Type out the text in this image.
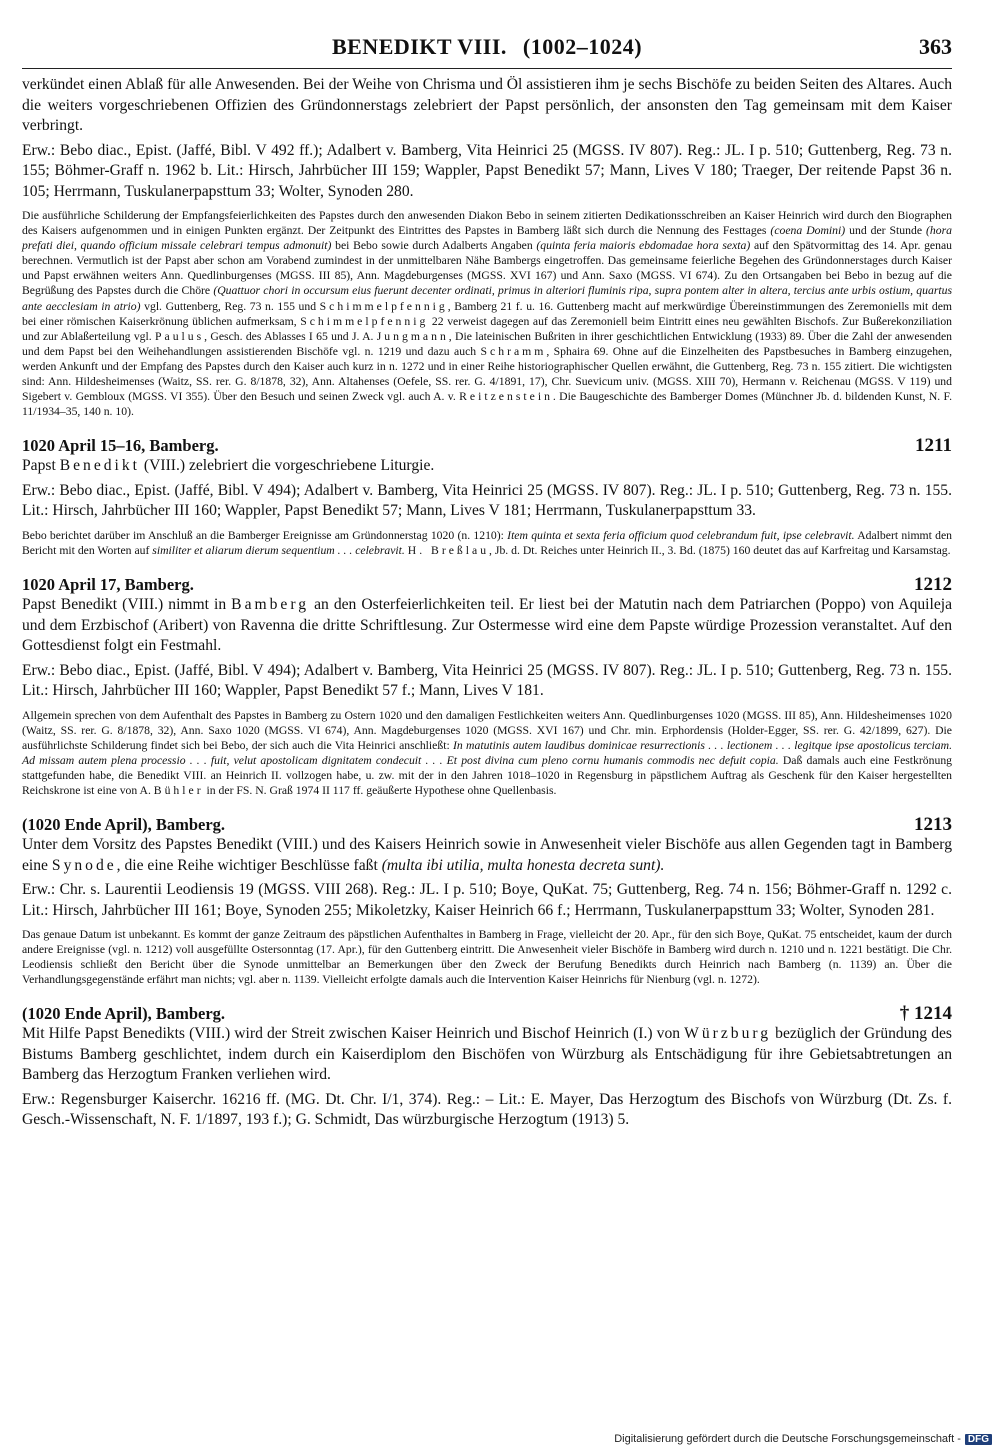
BENEDIKT VIII. (1002–1024)	363

verkündet einen Ablaß für alle Anwesenden. Bei der Weihe von Chrisma und Öl assistieren ihm je sechs Bischöfe zu beiden Seiten des Altares. Auch die weiters vorgeschriebenen Offizien des Gründonnerstags zelebriert der Papst persönlich, der ansonsten den Tag gemeinsam mit dem Kaiser verbringt.

Erw.: Bebo diac., Epist. (Jaffé, Bibl. V 492 ff.); Adalbert v. Bamberg, Vita Heinrici 25 (MGSS. IV 807). Reg.: JL. I p. 510; Guttenberg, Reg. 73 n. 155; Böhmer-Graff n. 1962 b. Lit.: Hirsch, Jahrbücher III 159; Wappler, Papst Benedikt 57; Mann, Lives V 180; Traeger, Der reitende Papst 36 n. 105; Herrmann, Tuskulanerpapsttum 33; Wolter, Synoden 280.

Die ausführliche Schilderung der Empfangsfeierlichkeiten des Papstes durch den anwesenden Diakon Bebo in seinem zitierten Dedikationsschreiben an Kaiser Heinrich wird durch den Biographen des Kaisers aufgenommen und in einigen Punkten ergänzt. Der Zeitpunkt des Eintrittes des Papstes in Bamberg läßt sich durch die Nennung des Festtages (coena Domini) und der Stunde (hora prefati diei, quando officium missale celebrari tempus admonuit) bei Bebo sowie durch Adalberts Angaben (quinta feria maioris ebdomadae hora sexta) auf den Spätvormittag des 14. Apr. genau berechnen. Vermutlich ist der Papst aber schon am Vorabend zumindest in der unmittelbaren Nähe Bambergs eingetroffen. Das gemeinsame feierliche Begehen des Gründonnerstages durch Kaiser und Papst erwähnen weiters Ann. Quedlinburgenses (MGSS. III 85), Ann. Magdeburgenses (MGSS. XVI 167) und Ann. Saxo (MGSS. VI 674). Zu den Ortsangaben bei Bebo in bezug auf die Begrüßung des Papstes durch die Chöre (Quattuor chori in occursum eius fuerunt decenter ordinati, primus in alteriori fluminis ripa, supra pontem alter in altera, tercius ante urbis ostium, quartus ante aecclesiam in atrio) vgl. Guttenberg, Reg. 73 n. 155 und Schimmelpfennig, Bamberg 21 f. u. 16. Guttenberg macht auf merkwürdige Übereinstimmungen des Zeremoniells mit dem bei einer römischen Kaiserkrönung üblichen aufmerksam, Schimmelpfennig 22 verweist dagegen auf das Zeremoniell beim Eintritt eines neu gewählten Bischofs. Zur Bußerekonziliation und zur Ablaßerteilung vgl. Paulus, Gesch. des Ablasses I 65 und J. A. Jungmann, Die lateinischen Bußriten in ihrer geschichtlichen Entwicklung (1933) 89. Über die Zahl der anwesenden und dem Papst bei den Weihehandlungen assistierenden Bischöfe vgl. n. 1219 und dazu auch Schramm, Sphaira 69. Ohne auf die Einzelheiten des Papstbesuches in Bamberg einzugehen, werden Ankunft und der Empfang des Papstes durch den Kaiser auch kurz in n. 1272 und in einer Reihe historiographischer Quellen erwähnt, die Guttenberg, Reg. 73 n. 155 zitiert. Die wichtigsten sind: Ann. Hildesheimenses (Waitz, SS. rer. G. 8/1878, 32), Ann. Altahenses (Oefele, SS. rer. G. 4/1891, 17), Chr. Suevicum univ. (MGSS. XIII 70), Hermann v. Reichenau (MGSS. V 119) und Sigebert v. Gembloux (MGSS. VI 355). Über den Besuch und seinen Zweck vgl. auch A. v. Reitzenstein. Die Baugeschichte des Bamberger Domes (Münchner Jb. d. bildenden Kunst, N. F. 11/1934–35, 140 n. 10).

1020 April 15–16, Bamberg.	1211

Papst Benedikt (VIII.) zelebriert die vorgeschriebene Liturgie.

Erw.: Bebo diac., Epist. (Jaffé, Bibl. V 494); Adalbert v. Bamberg, Vita Heinrici 25 (MGSS. IV 807). Reg.: JL. I p. 510; Guttenberg, Reg. 73 n. 155. Lit.: Hirsch, Jahrbücher III 160; Wappler, Papst Benedikt 57; Mann, Lives V 181; Herrmann, Tuskulanerpapsttum 33.

Bebo berichtet darüber im Anschluß an die Bamberger Ereignisse am Gründonnerstag 1020 (n. 1210): Item quinta et sexta feria officium quod celebrandum fuit, ipse celebravit. Adalbert nimmt den Bericht mit den Worten auf similiter et aliarum dierum sequentium . . . celebravit. H. Breßlau, Jb. d. Dt. Reiches unter Heinrich II., 3. Bd. (1875) 160 deutet das auf Karfreitag und Karsamstag.

1020 April 17, Bamberg.	1212

Papst Benedikt (VIII.) nimmt in Bamberg an den Osterfeierlichkeiten teil. Er liest bei der Matutin nach dem Patriarchen (Poppo) von Aquileja und dem Erzbischof (Aribert) von Ravenna die dritte Schriftlesung. Zur Ostermesse wird eine dem Papste würdige Prozession veranstaltet. Auf den Gottesdienst folgt ein Festmahl.

Erw.: Bebo diac., Epist. (Jaffé, Bibl. V 494); Adalbert v. Bamberg, Vita Heinrici 25 (MGSS. IV 807). Reg.: JL. I p. 510; Guttenberg, Reg. 73 n. 155. Lit.: Hirsch, Jahrbücher III 160; Wappler, Papst Benedikt 57 f.; Mann, Lives V 181.

Allgemein sprechen von dem Aufenthalt des Papstes in Bamberg zu Ostern 1020 und den damaligen Festlichkeiten weiters Ann. Quedlinburgenses 1020 (MGSS. III 85), Ann. Hildesheimenses 1020 (Waitz, SS. rer. G. 8/1878, 32), Ann. Saxo 1020 (MGSS. VI 674), Ann. Magdeburgenses 1020 (MGSS. XVI 167) und Chr. min. Erphordensis (Holder-Egger, SS. rer. G. 42/1899, 627). Die ausführlichste Schilderung findet sich bei Bebo, der sich auch die Vita Heinrici anschließt: In matutinis autem laudibus dominicae resurrectionis . . . lectionem . . . legitque ipse apostolicus terciam. Ad missam autem plena processio . . . fuit, velut apostolicam dignitatem condecuit . . . Et post divina cum pleno cornu humanis commodis nec defuit copia. Daß damals auch eine Festkrönung stattgefunden habe, die Benedikt VIII. an Heinrich II. vollzogen habe, u. zw. mit der in den Jahren 1018–1020 in Regensburg in päpstlichem Auftrag als Geschenk für den Kaiser hergestellten Reichskrone ist eine von A. Bühler in der FS. N. Graß 1974 II 117 ff. geäußerte Hypothese ohne Quellenbasis.

(1020 Ende April), Bamberg.	1213

Unter dem Vorsitz des Papstes Benedikt (VIII.) und des Kaisers Heinrich sowie in Anwesenheit vieler Bischöfe aus allen Gegenden tagt in Bamberg eine Synode, die eine Reihe wichtiger Beschlüsse faßt (multa ibi utilia, multa honesta decreta sunt).

Erw.: Chr. s. Laurentii Leodiensis 19 (MGSS. VIII 268). Reg.: JL. I p. 510; Boye, QuKat. 75; Guttenberg, Reg. 74 n. 156; Böhmer-Graff n. 1292 c. Lit.: Hirsch, Jahrbücher III 161; Boye, Synoden 255; Mikoletzky, Kaiser Heinrich 66 f.; Herrmann, Tuskulanerpapsttum 33; Wolter, Synoden 281.

Das genaue Datum ist unbekannt. Es kommt der ganze Zeitraum des päpstlichen Aufenthaltes in Bamberg in Frage, vielleicht der 20. Apr., für den sich Boye, QuKat. 75 entscheidet, kaum der durch andere Ereignisse (vgl. n. 1212) voll ausgefüllte Ostersonntag (17. Apr.), für den Guttenberg eintritt. Die Anwesenheit vieler Bischöfe in Bamberg wird durch n. 1210 und n. 1221 bestätigt. Die Chr. Leodiensis schließt den Bericht über die Synode unmittelbar an Bemerkungen über den Zweck der Berufung Benedikts durch Heinrich nach Bamberg (n. 1139) an. Über die Verhandlungsgegenstände erfährt man nichts; vgl. aber n. 1139. Vielleicht erfolgte damals auch die Intervention Kaiser Heinrichs für Nienburg (vgl. n. 1272).

(1020 Ende April), Bamberg.	† 1214

Mit Hilfe Papst Benedikts (VIII.) wird der Streit zwischen Kaiser Heinrich und Bischof Heinrich (I.) von Würzburg bezüglich der Gründung des Bistums Bamberg geschlichtet, indem durch ein Kaiserdiplom den Bischöfen von Würzburg als Entschädigung für ihre Gebietsabtretungen an Bamberg das Herzogtum Franken verliehen wird.

Erw.: Regensburger Kaiserchr. 16216 ff. (MG. Dt. Chr. I/1, 374). Reg.: – Lit.: E. Mayer, Das Herzogtum des Bischofs von Würzburg (Dt. Zs. f. Gesch.-Wissenschaft, N. F. 1/1897, 193 f.); G. Schmidt, Das würzburgische Herzogtum (1913) 5.

Digitalisierung gefördert durch die Deutsche Forschungsgemeinschaft - DFG
